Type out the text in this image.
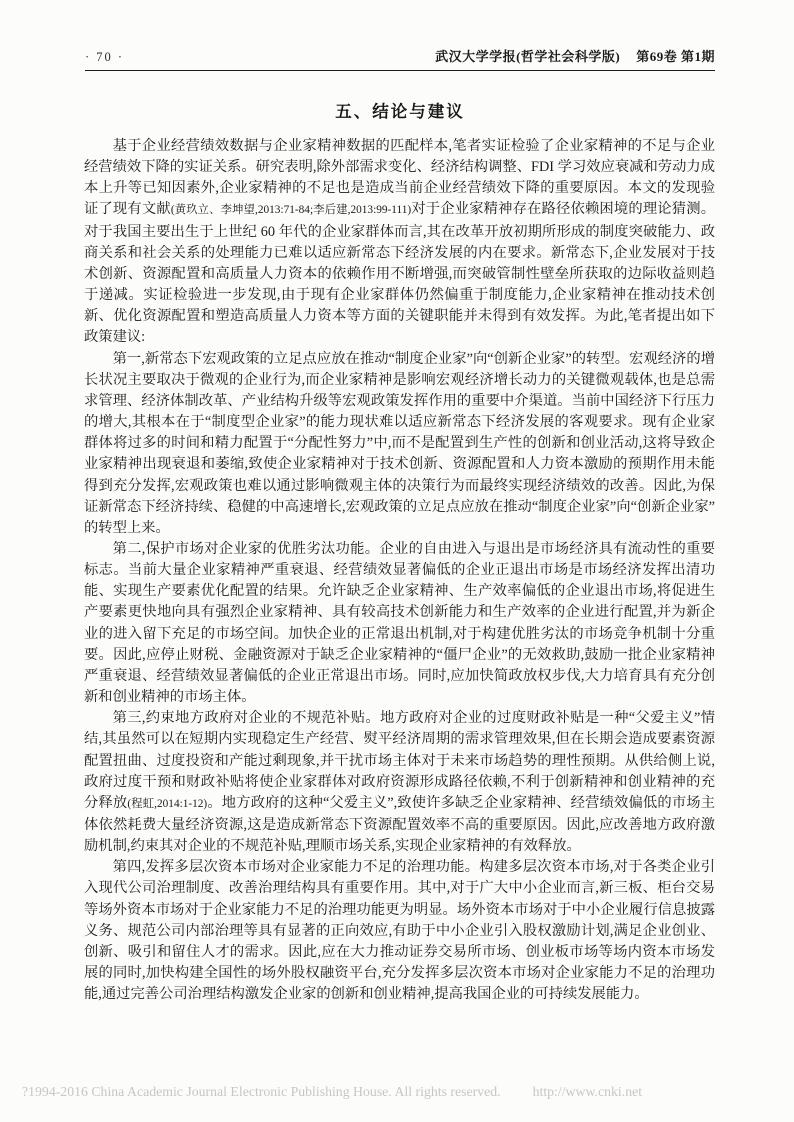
· 70 ·	武汉大学学报(哲学社会科学版) 第69卷 第1期
五、结论与建议

基于企业经营绩效数据与企业家精神数据的匹配样本,笔者实证检验了企业家精神的不足与企业经营绩效下降的实证关系。研究表明,除外部需求变化、经济结构调整、FDI 学习效应衰减和劳动力成本上升等已知因素外,企业家精神的不足也是造成当前企业经营绩效下降的重要原因。本文的发现验证了现有文献(黄玖立、李坤望,2013:71-84;李后建,2013:99-111)对于企业家精神存在路径依赖困境的理论猜测。对于我国主要出生于上世纪 60 年代的企业家群体而言,其在改革开放初期所形成的制度突破能力、政商关系和社会关系的处理能力已难以适应新常态下经济发展的内在要求。新常态下,企业发展对于技术创新、资源配置和高质量人力资本的依赖作用不断增强,而突破管制性壁垒所获取的边际收益则趋于递减。实证检验进一步发现,由于现有企业家群体仍然偏重于制度能力,企业家精神在推动技术创新、优化资源配置和塑造高质量人力资本等方面的关键职能并未得到有效发挥。为此,笔者提出如下政策建议:

第一,新常态下宏观政策的立足点应放在推动“制度企业家”向“创新企业家”的转型。宏观经济的增长状况主要取决于微观的企业行为,而企业家精神是影响宏观经济增长动力的关键微观载体,也是总需求管理、经济体制改革、产业结构升级等宏观政策发挥作用的重要中介渠道。当前中国经济下行压力的增大,其根本在于“制度型企业家”的能力现状难以适应新常态下经济发展的客观要求。现有企业家群体将过多的时间和精力配置于“分配性努力”中,而不是配置到生产性的创新和创业活动,这将导致企业家精神出现衰退和萎缩,致使企业家精神对于技术创新、资源配置和人力资本激励的预期作用未能得到充分发挥,宏观政策也难以通过影响微观主体的决策行为而最终实现经济绩效的改善。因此,为保证新常态下经济持续、稳健的中高速增长,宏观政策的立足点应放在推动“制度企业家”向“创新企业家”的转型上来。

第二,保护市场对企业家的优胜劣汰功能。企业的自由进入与退出是市场经济具有流动性的重要标志。当前大量企业家精神严重衰退、经营绩效显著偏低的企业正退出市场是市场经济发挥出清功能、实现生产要素优化配置的结果。允许缺乏企业家精神、生产效率偏低的企业退出市场,将促进生产要素更快地向具有强烈企业家精神、具有较高技术创新能力和生产效率的企业进行配置,并为新企业的进入留下充足的市场空间。加快企业的正常退出机制,对于构建优胜劣汰的市场竞争机制十分重要。因此,应停止财税、金融资源对于缺乏企业家精神的“僵尸企业”的无效救助,鼓励一批企业家精神严重衰退、经营绩效显著偏低的企业正常退出市场。同时,应加快简政放权步伐,大力培育具有充分创新和创业精神的市场主体。

第三,约束地方政府对企业的不规范补贴。地方政府对企业的过度财政补贴是一种“父爱主义”情结,其虽然可以在短期内实现稳定生产经营、熨平经济周期的需求管理效果,但在长期会造成要素资源配置扭曲、过度投资和产能过剩现象,并干扰市场主体对于未来市场趋势的理性预期。从供给侧上说,政府过度干预和财政补贴将使企业家群体对政府资源形成路径依赖,不利于创新精神和创业精神的充分释放(程虹,2014:1-12)。地方政府的这种“父爱主义”,致使许多缺乏企业家精神、经营绩效偏低的市场主体依然耗费大量经济资源,这是造成新常态下资源配置效率不高的重要原因。因此,应改善地方政府激励机制,约束其对企业的不规范补贴,理顺市场关系,实现企业家精神的有效释放。

第四,发挥多层次资本市场对企业家能力不足的治理功能。构建多层次资本市场,对于各类企业引入现代公司治理制度、改善治理结构具有重要作用。其中,对于广大中小企业而言,新三板、柜台交易等场外资本市场对于企业家能力不足的治理功能更为明显。场外资本市场对于中小企业履行信息披露义务、规范公司内部治理等具有显著的正向效应,有助于中小企业引入股权激励计划,满足企业创业、创新、吸引和留住人才的需求。因此,应在大力推动证券交易所市场、创业板市场等场内资本市场发展的同时,加快构建全国性的场外股权融资平台,充分发挥多层次资本市场对企业家能力不足的治理功能,通过完善公司治理结构激发企业家的创新和创业精神,提高我国企业的可持续发展能力。

?1994-2016 China Academic Journal Electronic Publishing House. All rights reserved. http://www.cnki.net
